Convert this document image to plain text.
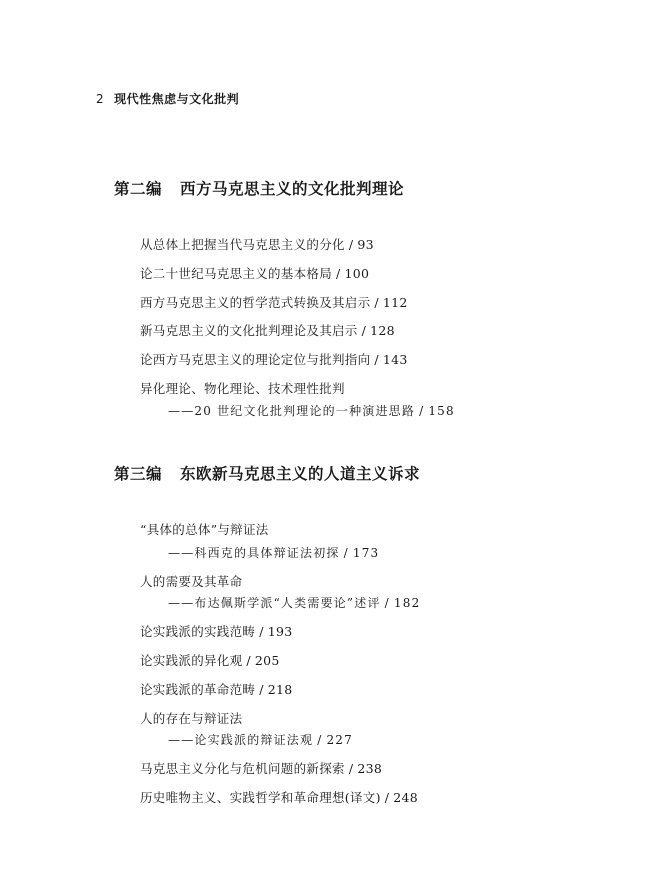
2 现代性焦虑与文化批判
第二编 西方马克思主义的文化批判理论
从总体上把握当代马克思主义的分化 / 93
论二十世纪马克思主义的基本格局 / 100
西方马克思主义的哲学范式转换及其启示 / 112
新马克思主义的文化批判理论及其启示 / 128
论西方马克思主义的理论定位与批判指向 / 143
异化理论、物化理论、技术理性批判
——20 世纪文化批判理论的一种演进思路 / 158
第三编 东欧新马克思主义的人道主义诉求
“具体的总体”与辩证法
——科西克的具体辩证法初探 / 173
人的需要及其革命
——布达佩斯学派“人类需要论”述评 / 182
论实践派的实践范畴 / 193
论实践派的异化观 / 205
论实践派的革命范畴 / 218
人的存在与辩证法
——论实践派的辩证法观 / 227
马克思主义分化与危机问题的新探索 / 238
历史唯物主义、实践哲学和革命理想(译文) / 248
